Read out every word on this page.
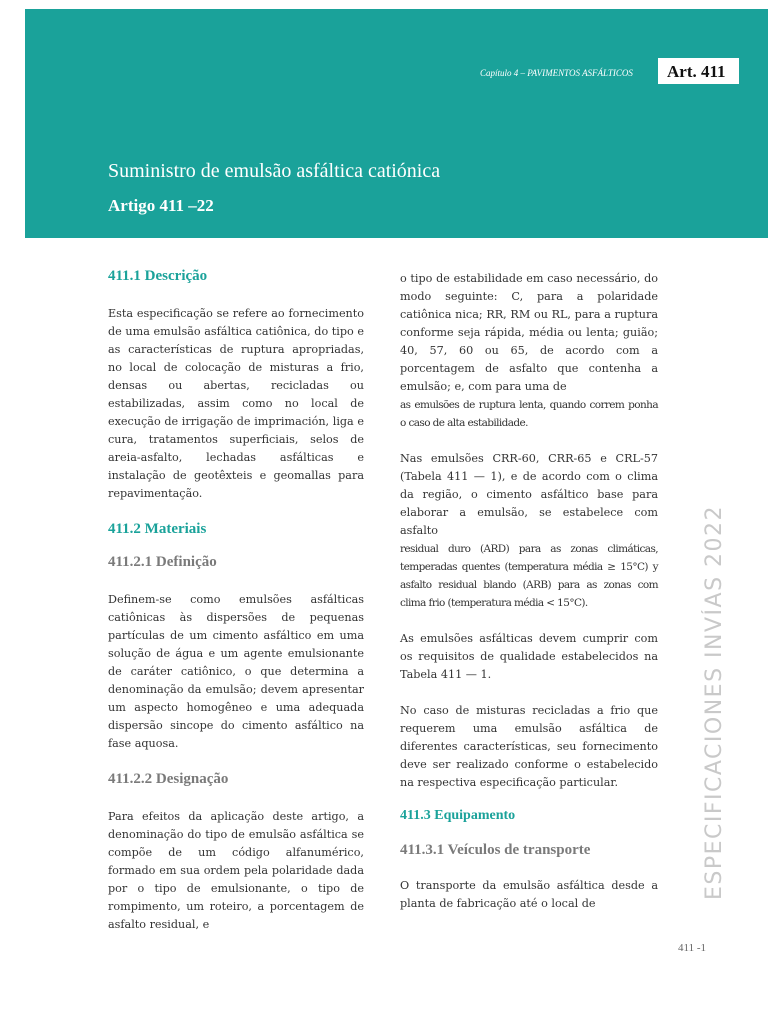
Capítulo 4 – PAVIMENTOS ASFÁLTICOS	Art. 411
Suministro de emulsão asfáltica catiónica
Artigo 411 –22
411.1 Descrição

Esta especificação se refere ao fornecimento de uma emulsão asfáltica catiônica, do tipo e as características de ruptura apropriadas, no local de colocação de misturas a frio, densas ou abertas, recicladas ou estabilizadas, assim como no local de execução de irrigação de imprimación, liga e cura, tratamentos superficiais, selos de areia-asfalto, lechadas asfálticas e instalação de geotêxteis e geomallas para repavimentação.

411.2 Materiais
411.2.1 Definição

Definem-se como emulsões asfálticas catiônicas às dispersões de pequenas partículas de um cimento asfáltico em uma solução de água e um agente emulsionante de caráter catiônico, o que determina a denominação da emulsão; devem apresentar um aspecto homogêneo e uma adequada dispersão sincope do cimento asfáltico na fase aquosa.

411.2.2 Designação

Para efeitos da aplicação deste artigo, a denominação do tipo de emulsão asfáltica se compõe de um código alfanumérico, formado em sua ordem pela polaridade dada por o tipo de emulsionante, o tipo de rompimento, um roteiro, a porcentagem de asfalto residual, e

o tipo de estabilidade em caso necessário, do modo seguinte: C, para a polaridade catiônica nica; RR, RM ou RL, para a ruptura conforme seja rápida, média ou lenta; guião; 40, 57, 60 ou 65, de acordo com a porcentagem de asfalto que contenha a emulsão; e, com para uma de

as emulsões de ruptura lenta, quando correm ponha o caso de alta estabilidade.

Nas emulsões CRR-60, CRR-65 e CRL-57 (Tabela 411 — 1), e de acordo com o clima da região, o cimento asfáltico base para elaborar a emulsão, se estabelece com asfalto

residual duro (ARD) para as zonas climáticas, temperadas quentes (temperatura média ≥ 15°C) y asfalto residual blando (ARB) para as zonas com clima frio (temperatura média < 15°C).

As emulsões asfálticas devem cumprir com os requisitos de qualidade estabelecidos na Tabela 411 — 1.

No caso de misturas recicladas a frio que requerem uma emulsão asfáltica de diferentes características, seu fornecimento deve ser realizado conforme o estabelecido na respectiva especificação particular.

411.3 Equipamento
411.3.1 Veículos de transporte

O transporte da emulsão asfáltica desde a planta de fabricação até o local de

ESPECIFICACIONES INVÍAS 2022
411 -1
